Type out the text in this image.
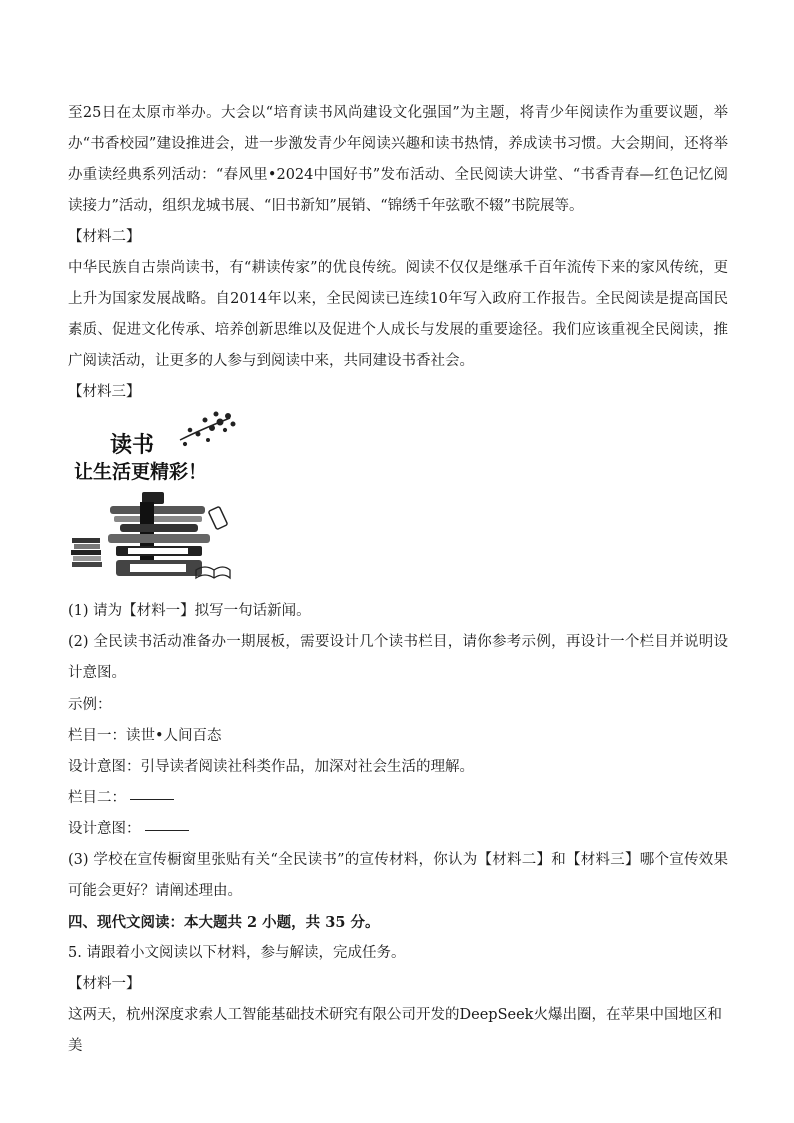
至25日在太原市举办。大会以“培育读书风尚建设文化强国”为主题，将青少年阅读作为重要议题，举办“书香校园”建设推进会，进一步激发青少年阅读兴趣和读书热情，养成读书习惯。大会期间，还将举办重读经典系列活动：“春风里•2024中国好书”发布活动、全民阅读大讲堂、“书香青春—红色记忆阅读接力”活动，组织龙城书展、“旧书新知”展销、“锦绣千年弦歌不辍”书院展等。

【材料二】

中华民族自古崇尚读书，有“耕读传家”的优良传统。阅读不仅仅是继承千百年流传下来的家风传统，更上升为国家发展战略。自2014年以来，全民阅读已连续10年写入政府工作报告。全民阅读是提高国民素质、促进文化传承、培养创新思维以及促进个人成长与发展的重要途径。我们应该重视全民阅读，推广阅读活动，让更多的人参与到阅读中来，共同建设书香社会。

【材料三】
读书
让生活更精彩！
(1) 请为【材料一】拟写一句话新闻。

(2) 全民读书活动准备办一期展板，需要设计几个读书栏目，请你参考示例，再设计一个栏目并说明设计意图。

示例：
栏目一：读世•人间百态
设计意图：引导读者阅读社科类作品，加深对社会生活的理解。
栏目二：
设计意图：

(3) 学校在宣传橱窗里张贴有关“全民读书”的宣传材料，你认为【材料二】和【材料三】哪个宣传效果可能会更好？请阐述理由。

四、现代文阅读：本大题共 2 小题，共 35 分。
5. 请跟着小文阅读以下材料，参与解读，完成任务。
【材料一】
这两天，杭州深度求索人工智能基础技术研究有限公司开发的DeepSeek火爆出圈，在苹果中国地区和美
